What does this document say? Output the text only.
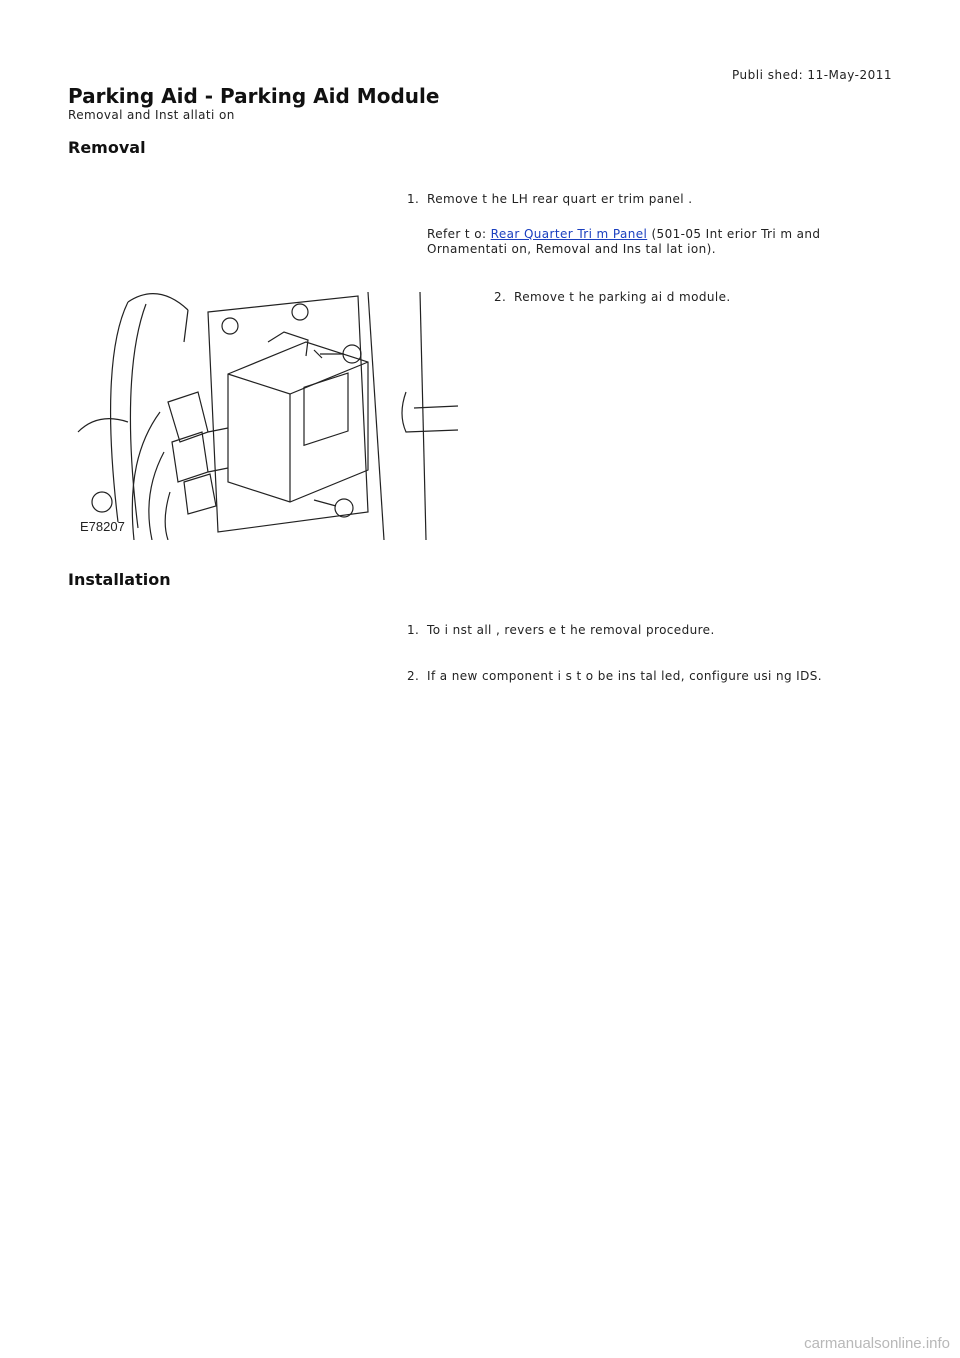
Publi shed: 11-May-2011
Parking Aid - Parking Aid Module
Removal and Inst allati on
Removal
1. Remove t he LH rear quart er trim panel .
Refer t o: Rear Quarter Tri m Panel (501-05 Int erior Tri m and Ornamentati on, Removal and Ins tal lat ion).
2. Remove t he parking ai d module.
E78207
Installation
1. To i nst all , revers e t he removal procedure.
2. If a new component i s t o be ins tal led, configure usi ng IDS.
carmanualsonline.info
